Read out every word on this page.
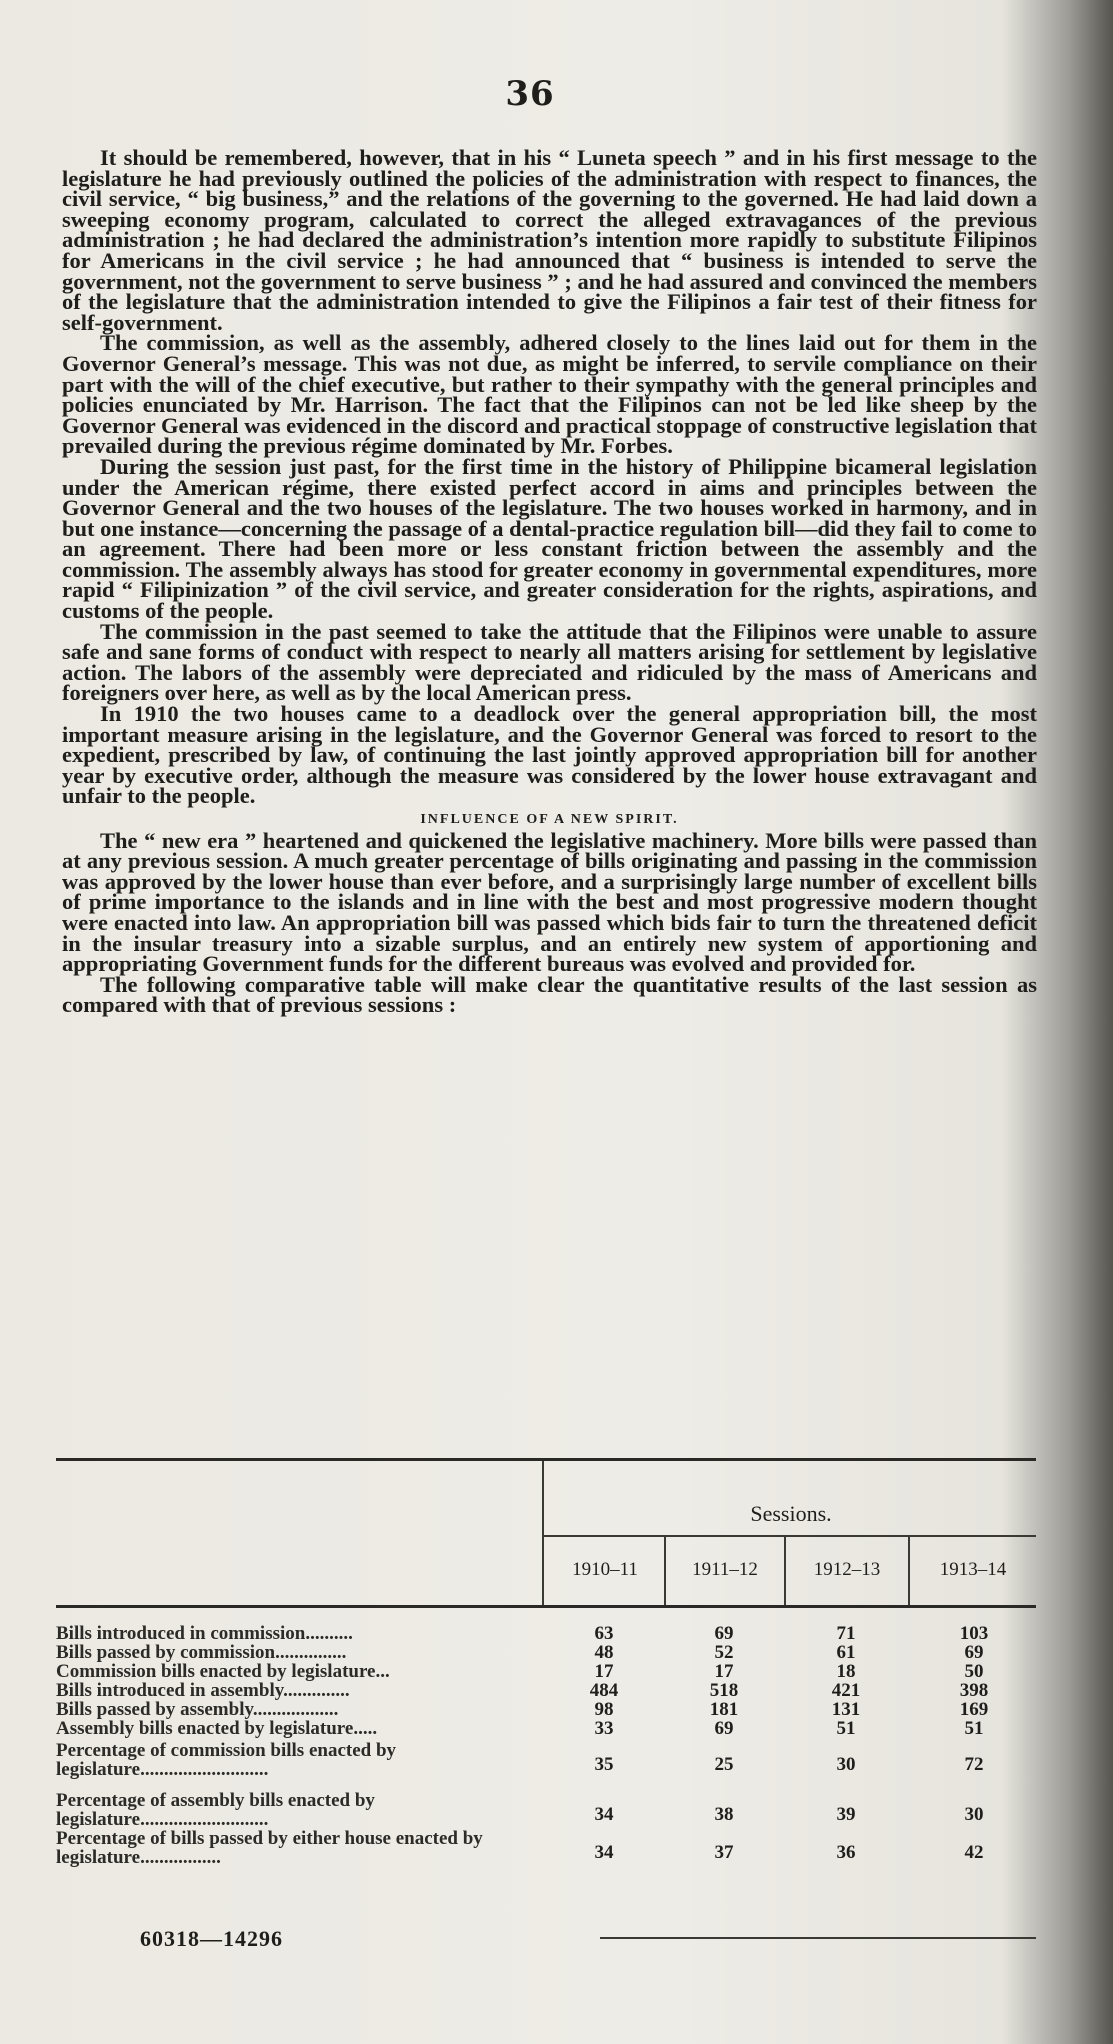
36

It should be remembered, however, that in his “ Luneta speech ” and in his first message to the legislature he had previously outlined the policies of the administration with respect to finances, the civil service, “ big business,” and the relations of the governing to the governed. He had laid down a sweeping economy program, calculated to correct the alleged extravagances of the previous administration ; he had declared the administration’s intention more rapidly to substitute Filipinos for Americans in the civil service ; he had announced that “ business is intended to serve the government, not the government to serve business ” ; and he had assured and convinced the members of the legislature that the administration intended to give the Filipinos a fair test of their fitness for self-government.

The commission, as well as the assembly, adhered closely to the lines laid out for them in the Governor General’s message. This was not due, as might be inferred, to servile compliance on their part with the will of the chief executive, but rather to their sympathy with the general principles and policies enunciated by Mr. Harrison. The fact that the Filipinos can not be led like sheep by the Governor General was evidenced in the discord and practical stoppage of constructive legislation that prevailed during the previous régime dominated by Mr. Forbes.

During the session just past, for the first time in the history of Philippine bicameral legislation under the American régime, there existed perfect accord in aims and principles between the Governor General and the two houses of the legislature. The two houses worked in harmony, and in but one instance—concerning the passage of a dental-practice regulation bill—did they fail to come to an agreement. There had been more or less constant friction between the assembly and the commission. The assembly always has stood for greater economy in governmental expenditures, more rapid “ Filipinization ” of the civil service, and greater consideration for the rights, aspirations, and customs of the people.

The commission in the past seemed to take the attitude that the Filipinos were unable to assure safe and sane forms of conduct with respect to nearly all matters arising for settlement by legislative action. The labors of the assembly were depreciated and ridiculed by the mass of Americans and foreigners over here, as well as by the local American press.

In 1910 the two houses came to a deadlock over the general appropriation bill, the most important measure arising in the legislature, and the Governor General was forced to resort to the expedient, prescribed by law, of continuing the last jointly approved appropriation bill for another year by executive order, although the measure was considered by the lower house extravagant and unfair to the people.

INFLUENCE OF A NEW SPIRIT.

The “ new era ” heartened and quickened the legislative machinery. More bills were passed than at any previous session. A much greater percentage of bills originating and passing in the commission was approved by the lower house than ever before, and a surprisingly large number of excellent bills of prime importance to the islands and in line with the best and most progressive modern thought were enacted into law. An appropriation bill was passed which bids fair to turn the threatened deficit in the insular treasury into a sizable surplus, and an entirely new system of apportioning and appropriating Government funds for the different bureaus was evolved and provided for.

The following comparative table will make clear the quantitative results of the last session as compared with that of previous sessions :

Sessions.
1910–11	1911–12	1912–13	1913–14
Bills introduced in commission..........	63	69	71	103
Bills passed by commission...............	48	52	61	69
Commission bills enacted by legislature...	17	17	18	50
Bills introduced in assembly..............	484	518	421	398
Bills passed by assembly..................	98	181	131	169
Assembly bills enacted by legislature.....	33	69	51	51
Percentage of commission bills enacted by legislature...........................	35	25	30	72
Percentage of assembly bills enacted by legislature...........................	34	38	39	30
Percentage of bills passed by either house enacted by legislature.................	34	37	36	42
60318—14296
